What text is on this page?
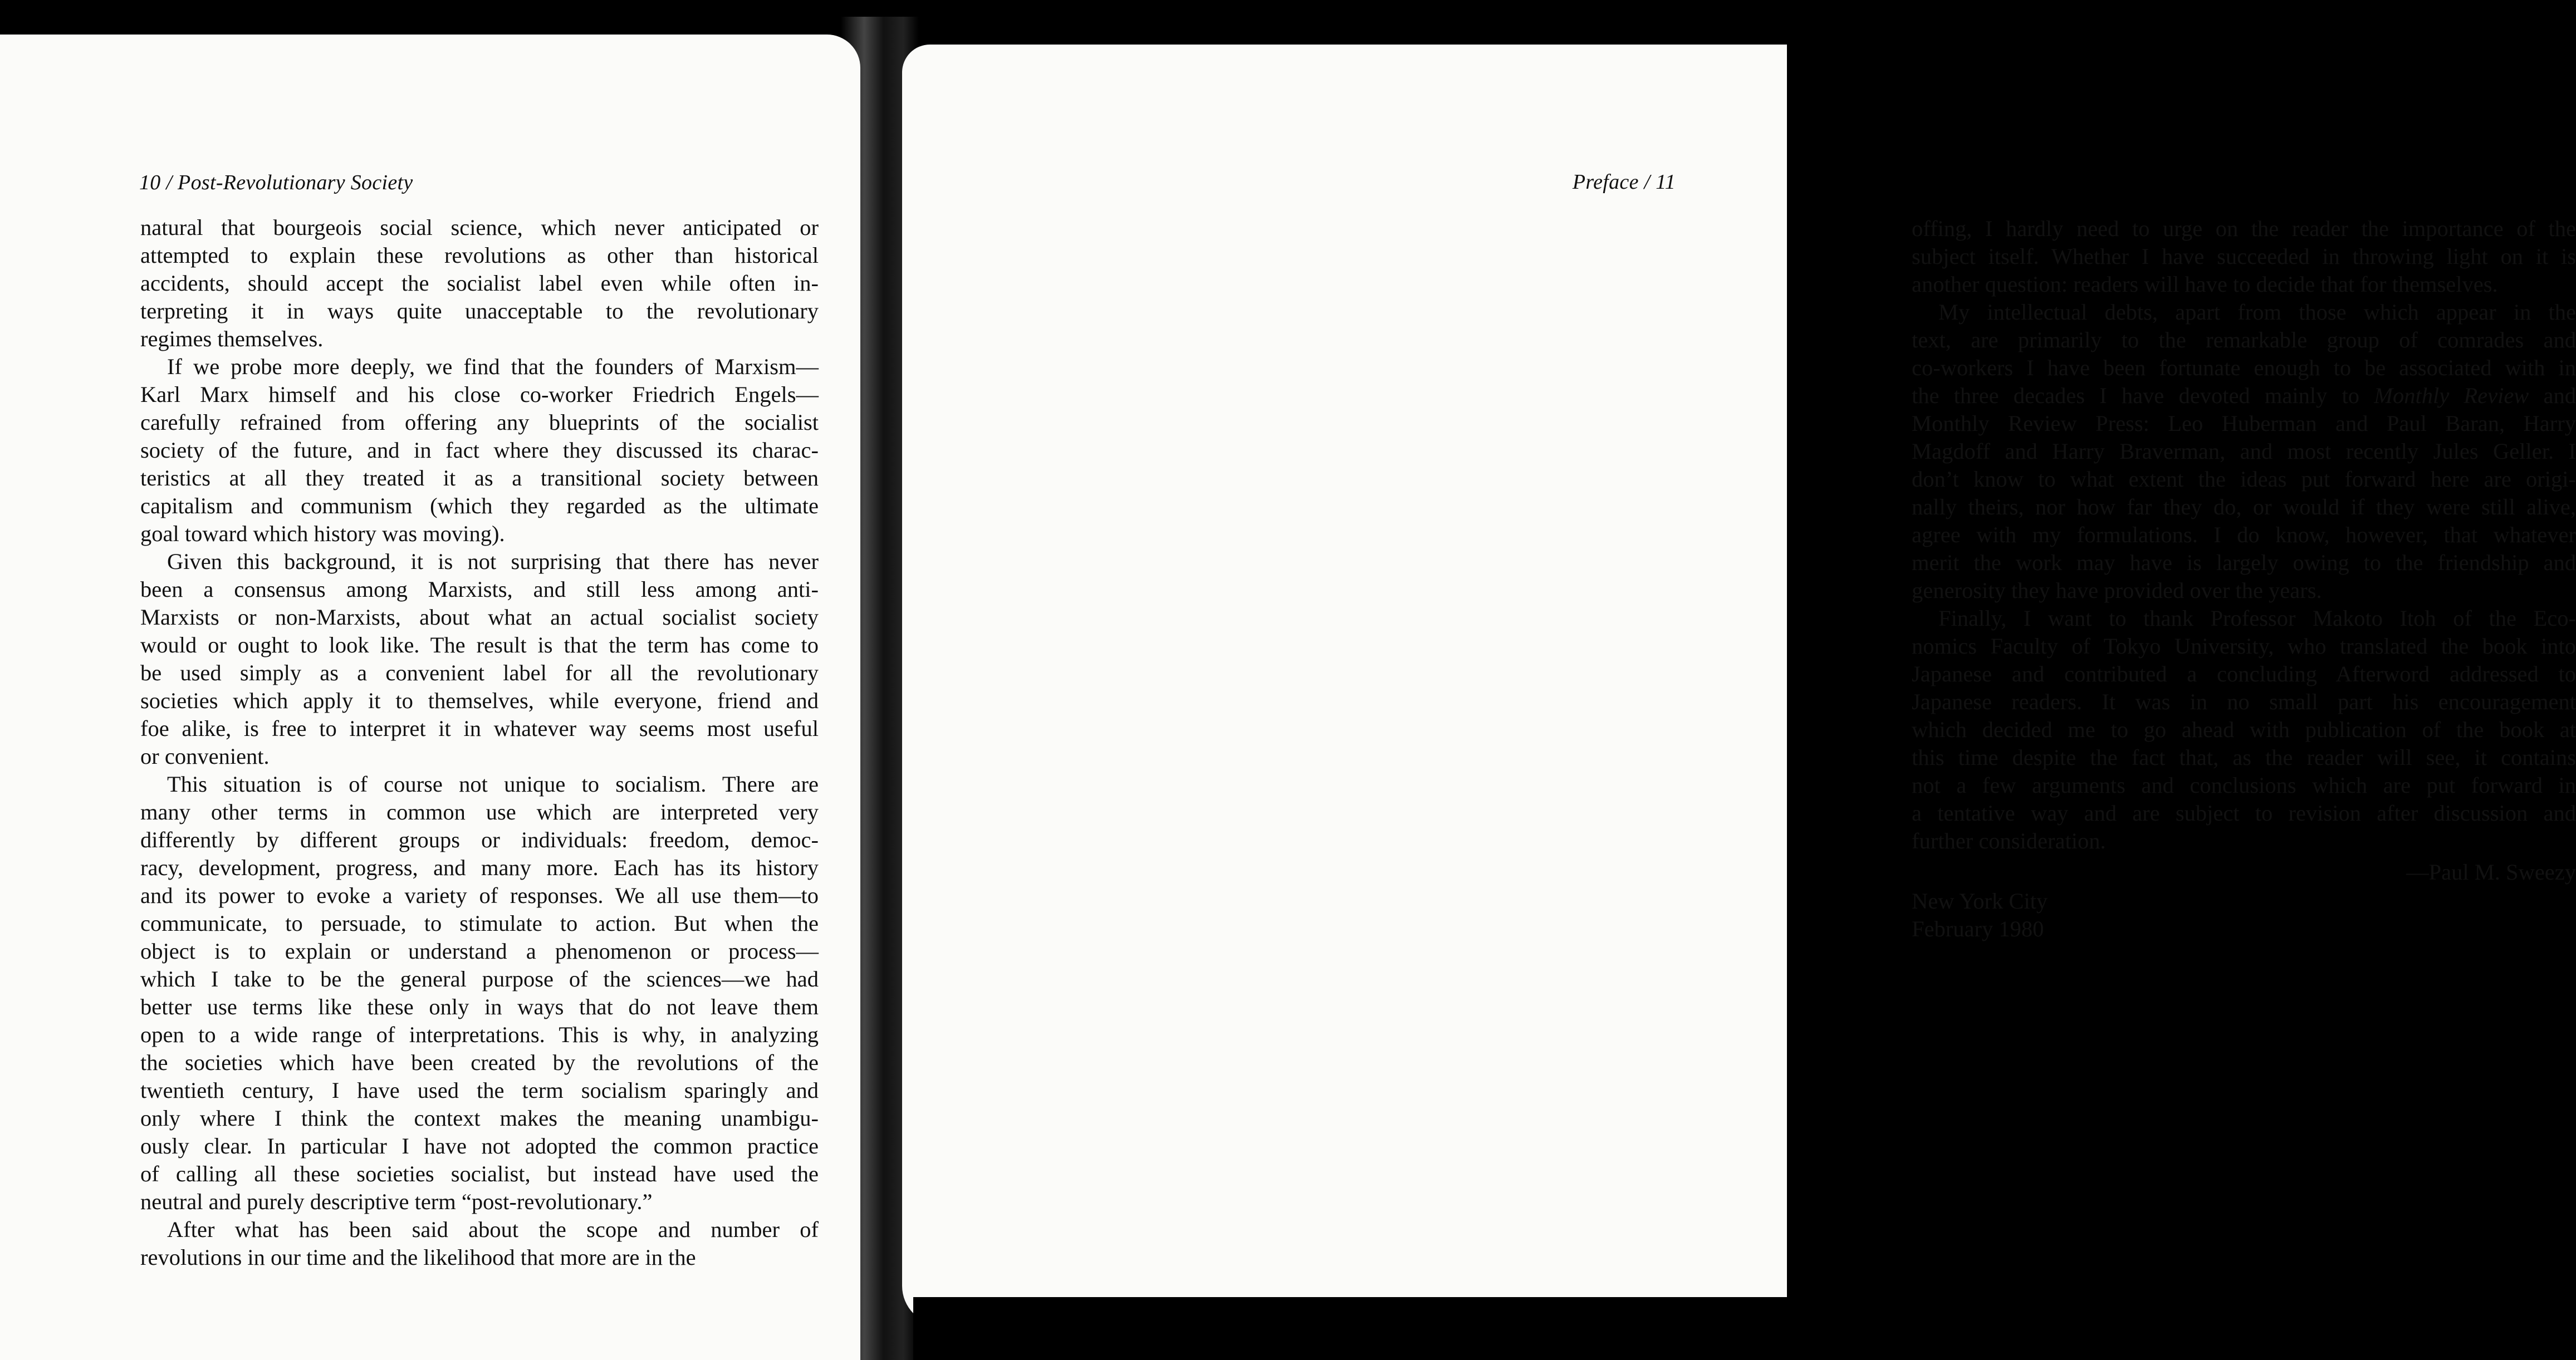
10 / Post-Revolutionary Society

natural that bourgeois social science, which never anticipated or
attempted to explain these revolutions as other than historical
accidents, should accept the socialist label even while often in-
terpreting it in ways quite unacceptable to the revolutionary
regimes themselves.

If we probe more deeply, we find that the founders of Marxism—
Karl Marx himself and his close co-worker Friedrich Engels—
carefully refrained from offering any blueprints of the socialist
society of the future, and in fact where they discussed its charac-
teristics at all they treated it as a transitional society between
capitalism and communism (which they regarded as the ultimate
goal toward which history was moving).

Given this background, it is not surprising that there has never
been a consensus among Marxists, and still less among anti-
Marxists or non-Marxists, about what an actual socialist society
would or ought to look like. The result is that the term has come to
be used simply as a convenient label for all the revolutionary
societies which apply it to themselves, while everyone, friend and
foe alike, is free to interpret it in whatever way seems most useful
or convenient.

This situation is of course not unique to socialism. There are
many other terms in common use which are interpreted very
differently by different groups or individuals: freedom, democ-
racy, development, progress, and many more. Each has its history
and its power to evoke a variety of responses. We all use them—to
communicate, to persuade, to stimulate to action. But when the
object is to explain or understand a phenomenon or process—
which I take to be the general purpose of the sciences—we had
better use terms like these only in ways that do not leave them
open to a wide range of interpretations. This is why, in analyzing
the societies which have been created by the revolutions of the
twentieth century, I have used the term socialism sparingly and
only where I think the context makes the meaning unambigu-
ously clear. In particular I have not adopted the common practice
of calling all these societies socialist, but instead have used the
neutral and purely descriptive term “post-revolutionary.”

After what has been said about the scope and number of
revolutions in our time and the likelihood that more are in the

Preface / 11

offing, I hardly need to urge on the reader the importance of the
subject itself. Whether I have succeeded in throwing light on it is
another question: readers will have to decide that for themselves.

My intellectual debts, apart from those which appear in the
text, are primarily to the remarkable group of comrades and
co-workers I have been fortunate enough to be associated with in
the three decades I have devoted mainly to Monthly Review and
Monthly Review Press: Leo Huberman and Paul Baran, Harry
Magdoff and Harry Braverman, and most recently Jules Geller. I
don’t know to what extent the ideas put forward here are origi-
nally theirs, nor how far they do, or would if they were still alive,
agree with my formulations. I do know, however, that whatever
merit the work may have is largely owing to the friendship and
generosity they have provided over the years.

Finally, I want to thank Professor Makoto Itoh of the Eco-
nomics Faculty of Tokyo University, who translated the book into
Japanese and contributed a concluding Afterword addressed to
Japanese readers. It was in no small part his encouragement
which decided me to go ahead with publication of the book at
this time despite the fact that, as the reader will see, it contains
not a few arguments and conclusions which are put forward in
a tentative way and are subject to revision after discussion and
further consideration.

—Paul M. Sweezy
New York City
February 1980
